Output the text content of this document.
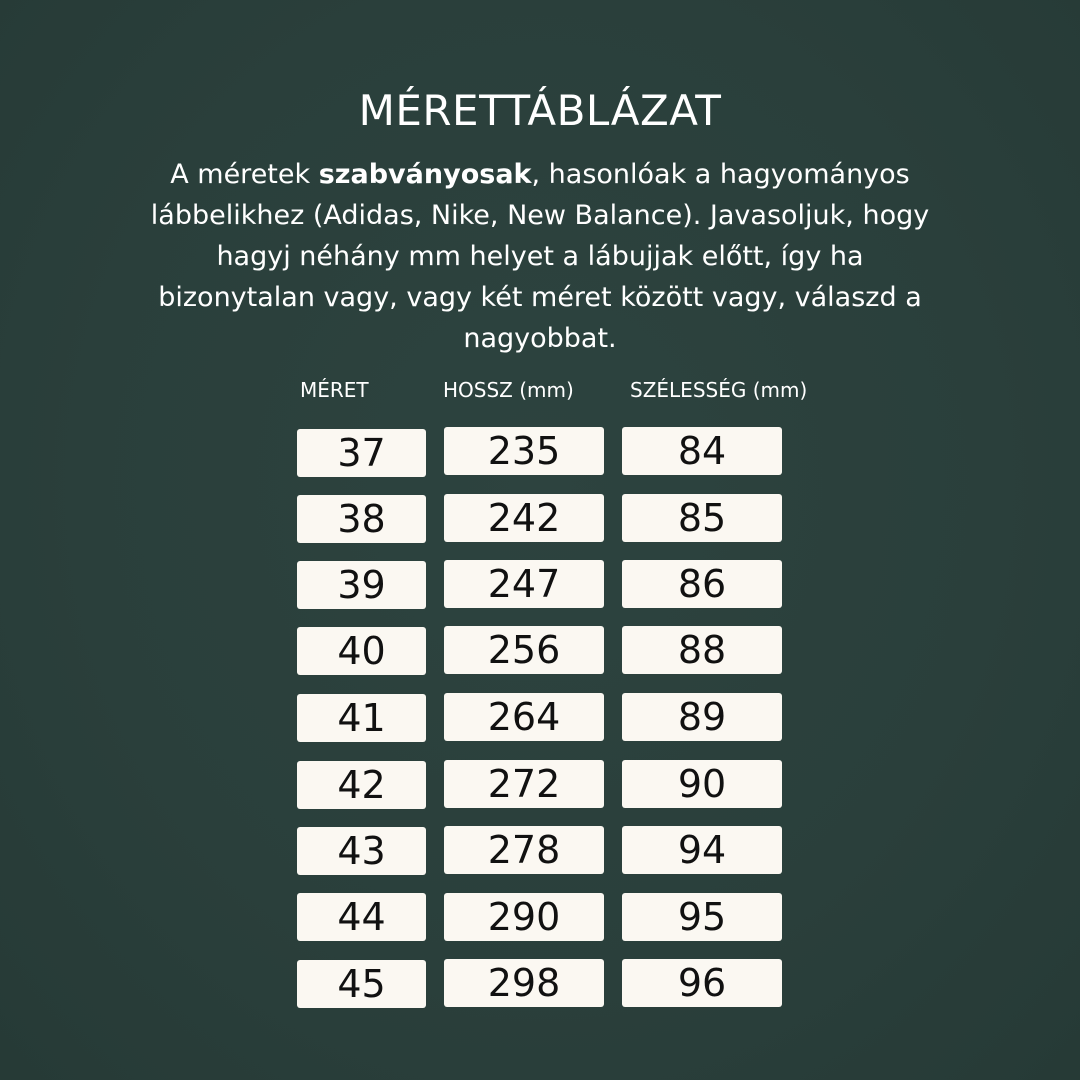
MÉRETTÁBLÁZAT

A méretek szabványosak, hasonlóak a hagyományos lábbelikhez (Adidas, Nike, New Balance). Javasoljuk, hogy hagyj néhány mm helyet a lábujjak előtt, így ha bizonytalan vagy, vagy két méret között vagy, válaszd a nagyobbat.

MÉRET	HOSSZ (mm)	SZÉLESSÉG (mm)
37	235	84
38	242	85
39	247	86
40	256	88
41	264	89
42	272	90
43	278	94
44	290	95
45	298	96
